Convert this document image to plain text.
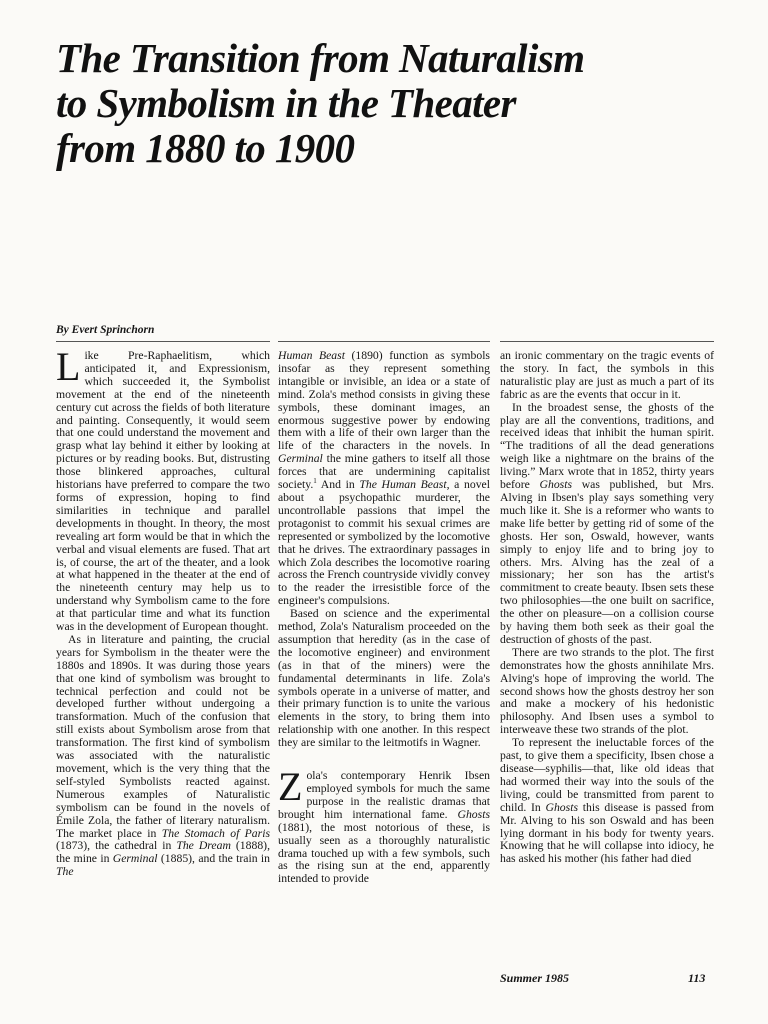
The Transition from Naturalism
to Symbolism in the Theater
from 1880 to 1900
By Evert Sprinchorn

Like Pre-Raphaelitism, which anticipated it, and Expressionism, which succeeded it, the Symbolist movement at the end of the nineteenth century cut across the fields of both literature and painting. Consequently, it would seem that one could understand the movement and grasp what lay behind it either by looking at pictures or by reading books. But, distrusting those blinkered approaches, cultural historians have preferred to compare the two forms of expression, hoping to find similarities in technique and parallel developments in thought. In theory, the most revealing art form would be that in which the verbal and visual elements are fused. That art is, of course, the art of the theater, and a look at what happened in the theater at the end of the nineteenth century may help us to understand why Symbolism came to the fore at that particular time and what its function was in the development of European thought.

As in literature and painting, the crucial years for Symbolism in the theater were the 1880s and 1890s. It was during those years that one kind of symbolism was brought to technical perfection and could not be developed further without undergoing a transformation. Much of the confusion that still exists about Symbolism arose from that transformation. The first kind of symbolism was associated with the naturalistic movement, which is the very thing that the self-styled Symbolists reacted against. Numerous examples of Naturalistic symbolism can be found in the novels of Émile Zola, the father of literary naturalism. The market place in The Stomach of Paris (1873), the cathedral in The Dream (1888), the mine in Germinal (1885), and the train in The

Human Beast (1890) function as symbols insofar as they represent something intangible or invisible, an idea or a state of mind. Zola's method consists in giving these symbols, these dominant images, an enormous suggestive power by endowing them with a life of their own larger than the life of the characters in the novels. In Germinal the mine gathers to itself all those forces that are undermining capitalist society.$^1$ And in The Human Beast, a novel about a psychopathic murderer, the uncontrollable passions that impel the protagonist to commit his sexual crimes are represented or symbolized by the locomotive that he drives. The extraordinary passages in which Zola describes the locomotive roaring across the French countryside vividly convey to the reader the irresistible force of the engineer's compulsions.

Based on science and the experimental method, Zola's Naturalism proceeded on the assumption that heredity (as in the case of the locomotive engineer) and environment (as in that of the miners) were the fundamental determinants in life. Zola's symbols operate in a universe of matter, and their primary function is to unite the various elements in the story, to bring them into relationship with one another. In this respect they are similar to the leitmotifs in Wagner.

Zola's contemporary Henrik Ibsen employed symbols for much the same purpose in the realistic dramas that brought him international fame. Ghosts (1881), the most notorious of these, is usually seen as a thoroughly naturalistic drama touched up with a few symbols, such as the rising sun at the end, apparently intended to provide

an ironic commentary on the tragic events of the story. In fact, the symbols in this naturalistic play are just as much a part of its fabric as are the events that occur in it.

In the broadest sense, the ghosts of the play are all the conventions, traditions, and received ideas that inhibit the human spirit. “The traditions of all the dead generations weigh like a nightmare on the brains of the living.” Marx wrote that in 1852, thirty years before Ghosts was published, but Mrs. Alving in Ibsen's play says something very much like it. She is a reformer who wants to make life better by getting rid of some of the ghosts. Her son, Oswald, however, wants simply to enjoy life and to bring joy to others. Mrs. Alving has the zeal of a missionary; her son has the artist's commitment to create beauty. Ibsen sets these two philosophies—the one built on sacrifice, the other on pleasure—on a collision course by having them both seek as their goal the destruction of ghosts of the past.

There are two strands to the plot. The first demonstrates how the ghosts annihilate Mrs. Alving's hope of improving the world. The second shows how the ghosts destroy her son and make a mockery of his hedonistic philosophy. And Ibsen uses a symbol to interweave these two strands of the plot.

To represent the ineluctable forces of the past, to give them a specificity, Ibsen chose a disease—syphilis—that, like old ideas that had wormed their way into the souls of the living, could be transmitted from parent to child. In Ghosts this disease is passed from Mr. Alving to his son Oswald and has been lying dormant in his body for twenty years. Knowing that he will collapse into idiocy, he has asked his mother (his father had died

Summer 1985	113
